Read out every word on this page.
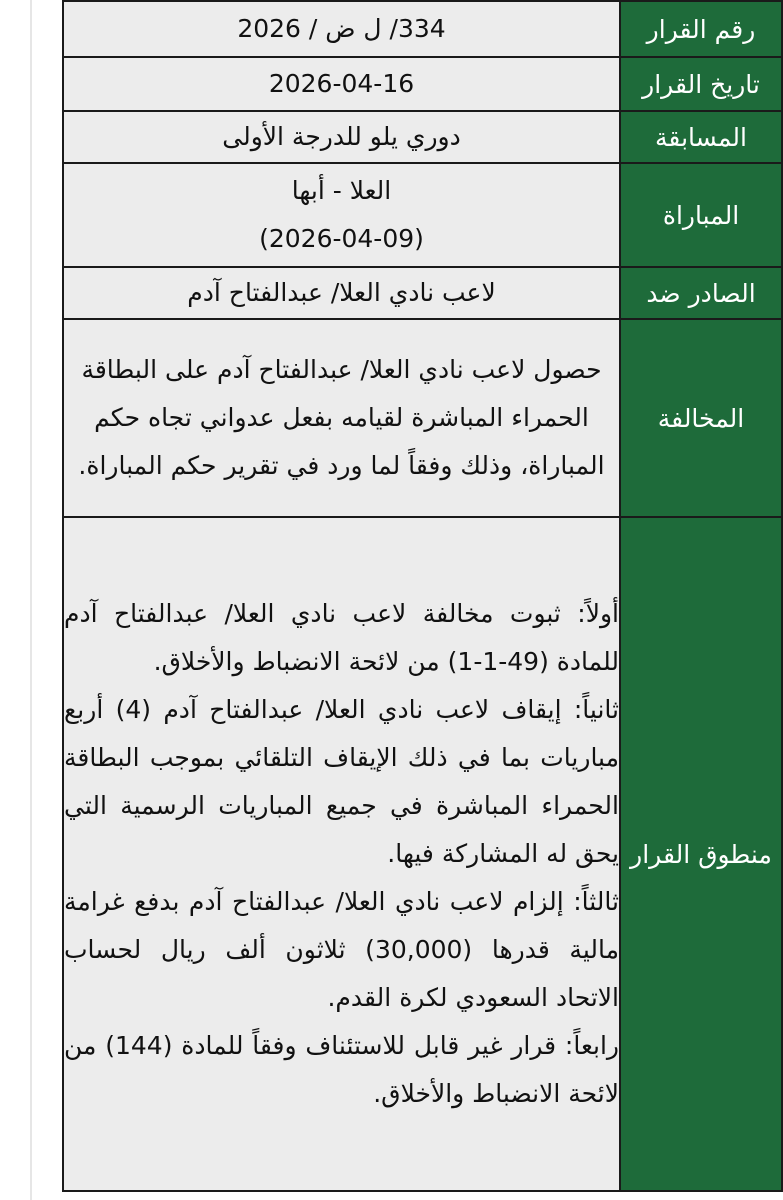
رقم القرار	334/ ل ض / 2026
تاريخ القرار	2026-04-16
المسابقة	دوري يلو للدرجة الأولى
المباراة	العلا - أبها

(2026-04-09)

الصادر ضد	لاعب نادي العلا/ عبدالفتاح آدم
المخالفة	حصول لاعب نادي العلا/ عبدالفتاح آدم على البطاقة الحمراء المباشرة لقيامه بفعل عدواني تجاه حكم المباراة، وذلك وفقاً لما ورد في تقرير حكم المباراة.
منطوق القرار	أولاً: ثبوت مخالفة لاعب نادي العلا/ عبدالفتاح آدم للمادة (49-1-1) من لائحة الانضباط والأخلاق.

ثانياً: إيقاف لاعب نادي العلا/ عبدالفتاح آدم (4) أربع مباريات بما في ذلك الإيقاف التلقائي بموجب البطاقة الحمراء المباشرة في جميع المباريات الرسمية التي يحق له المشاركة فيها.

ثالثاً: إلزام لاعب نادي العلا/ عبدالفتاح آدم بدفع غرامة مالية قدرها (30,000) ثلاثون ألف ريال لحساب الاتحاد السعودي لكرة القدم.

رابعاً: قرار غير قابل للاستئناف وفقاً للمادة (144) من لائحة الانضباط والأخلاق.
